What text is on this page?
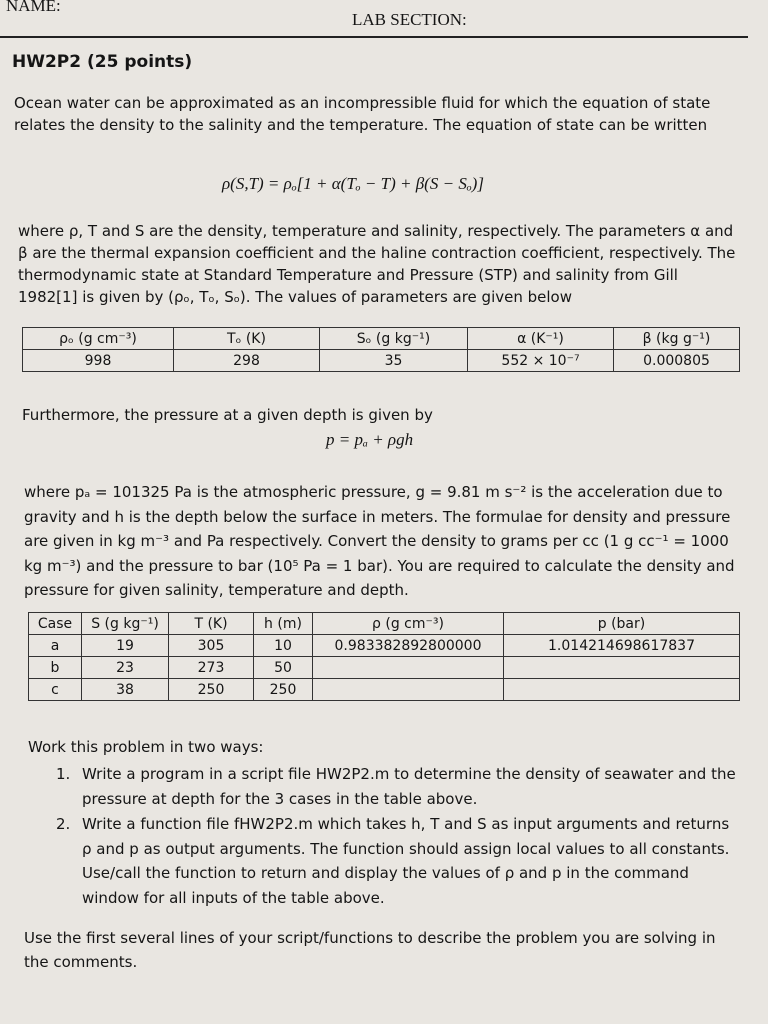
NAME:
LAB SECTION:
HW2P2 (25 points)
Ocean water can be approximated as an incompressible fluid for which the equation of state relates the density to the salinity and the temperature. The equation of state can be written
ρ(S,T) = ρₒ[1 + α(Tₒ − T) + β(S − Sₒ)]
where ρ, T and S are the density, temperature and salinity, respectively. The parameters α and β are the thermal expansion coefficient and the haline contraction coefficient, respectively. The thermodynamic state at Standard Temperature and Pressure (STP) and salinity from Gill 1982[1] is given by (ρₒ, Tₒ, Sₒ). The values of parameters are given below
ρₒ (g cm⁻³)	Tₒ (K)	Sₒ (g kg⁻¹)	α (K⁻¹)	β (kg g⁻¹)
998	298	35	552 × 10⁻⁷	0.000805
Furthermore, the pressure at a given depth is given by
p = pₐ + ρgh
where pₐ = 101325 Pa is the atmospheric pressure, g = 9.81 m s⁻² is the acceleration due to gravity and h is the depth below the surface in meters. The formulae for density and pressure are given in kg m⁻³ and Pa respectively. Convert the density to grams per cc (1 g cc⁻¹ = 1000 kg m⁻³) and the pressure to bar (10⁵ Pa = 1 bar). You are required to calculate the density and pressure for given salinity, temperature and depth.
Case	S (g kg⁻¹)	T (K)	h (m)	ρ (g cm⁻³)	p (bar)
a	19	305	10	0.983382892800000	1.014214698617837
b	23	273	50		
c	38	250	250		
Work this problem in two ways:
1. Write a program in a script file HW2P2.m to determine the density of seawater and the pressure at depth for the 3 cases in the table above.
2. Write a function file fHW2P2.m which takes h, T and S as input arguments and returns ρ and p as output arguments. The function should assign local values to all constants. Use/call the function to return and display the values of ρ and p in the command window for all inputs of the table above.
Use the first several lines of your script/functions to describe the problem you are solving in the comments.
